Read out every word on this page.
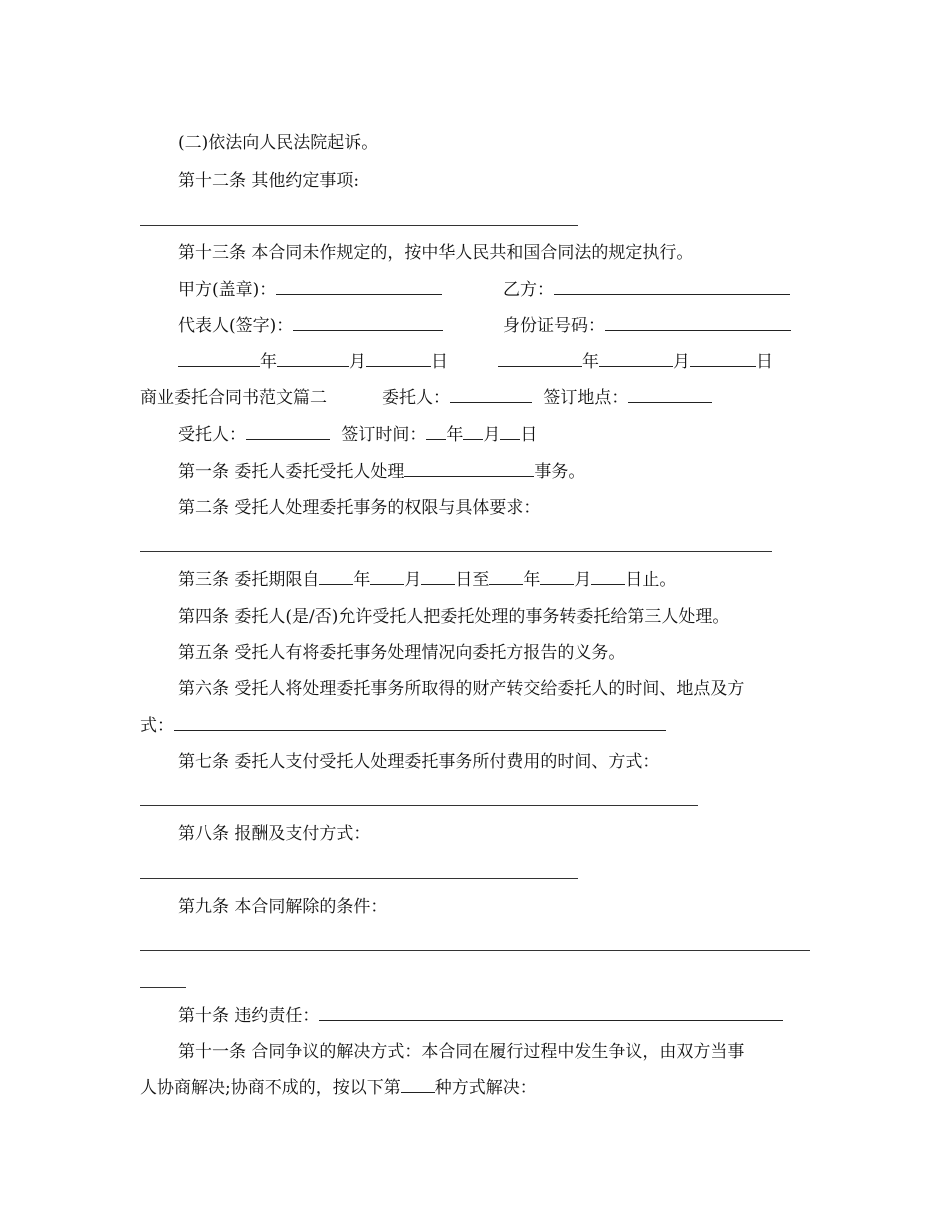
(二)依法向人民法院起诉。
第十二条 其他约定事项:
第十三条 本合同未作规定的，按中华人民共和国合同法的规定执行。
甲方(盖章)：	乙方：
代表人(签字)：	身份证号码：
年	月	日	年	月	日
商业委托合同书范文篇二	委托人：	签订地点：
受托人：	签订时间： 年 月 日
第一条 委托人委托受托人处理	事务。
第二条 受托人处理委托事务的权限与具体要求：
第三条 委托期限自 年 月 日至 年 月 日止。
第四条 委托人(是/否)允许受托人把委托处理的事务转委托给第三人处理。
第五条 受托人有将委托事务处理情况向委托方报告的义务。
第六条 受托人将处理委托事务所取得的财产转交给委托人的时间、地点及方
式：
第七条 委托人支付受托人处理委托事务所付费用的时间、方式：
第八条 报酬及支付方式：
第九条 本合同解除的条件：
第十条 违约责任：
第十一条 合同争议的解决方式：本合同在履行过程中发生争议，由双方当事
人协商解决;协商不成的，按以下第 种方式解决：
